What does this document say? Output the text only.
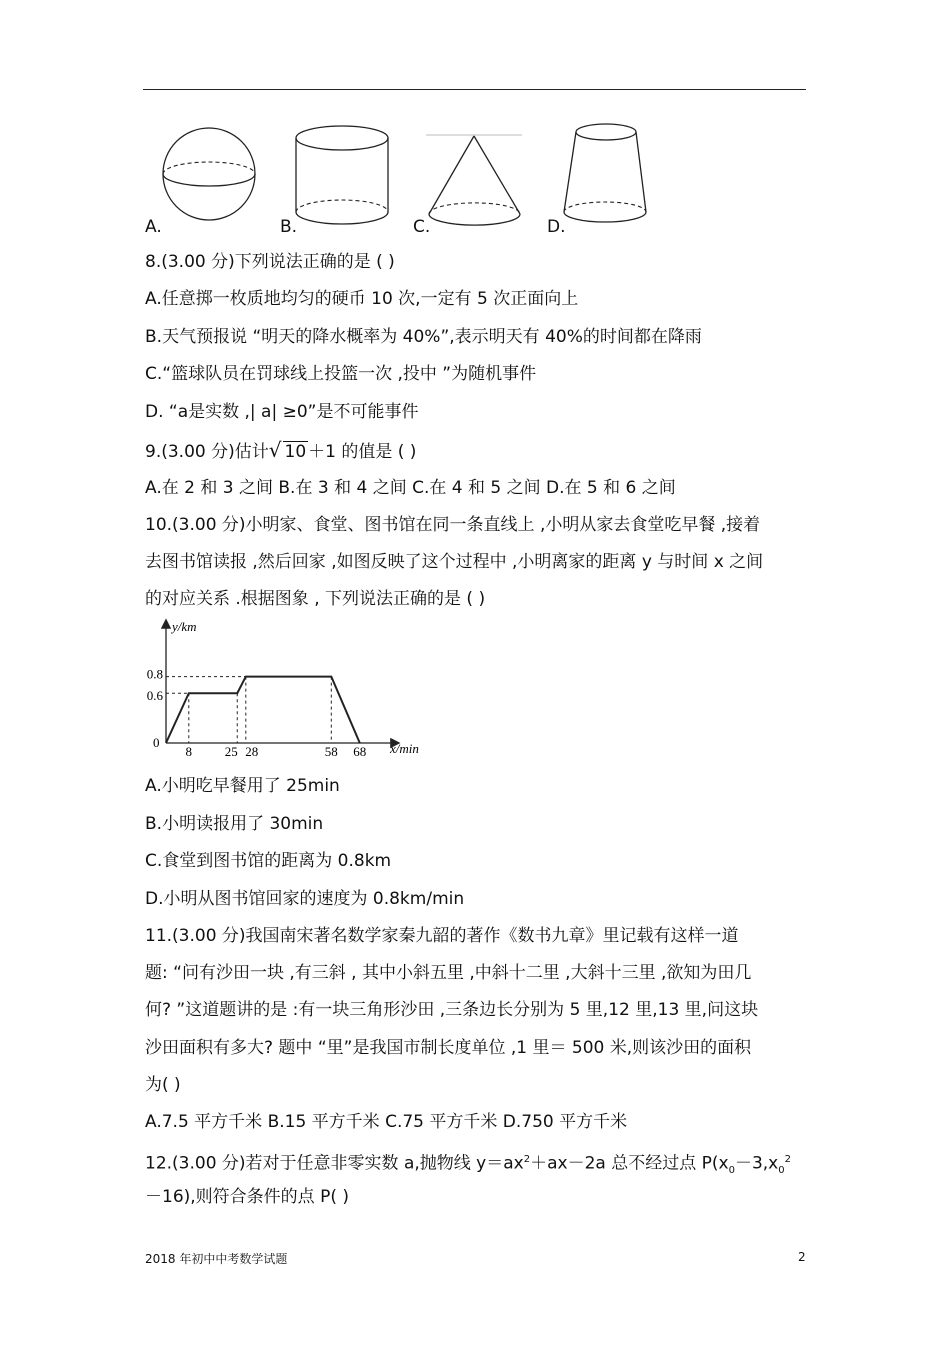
A.	B.	C.	D.
8.(3.00 分)下列说法正确的是 ( )
A.任意掷一枚质地均匀的硬币 10 次,一定有 5 次正面向上
B.天气预报说 “明天的降水概率为 40%”,表示明天有 40%的时间都在降雨
C.“篮球队员在罚球线上投篮一次 ,投中 ”为随机事件
D. “a是实数 ,| a| ≥0”是不可能事件
9.(3.00 分)估计√ 10 ＋1 的值是 ( )
A.在 2 和 3 之间 B.在 3 和 4 之间 C.在 4 和 5 之间 D.在 5 和 6 之间
10.(3.00 分)小明家、食堂、图书馆在同一条直线上 ,小明从家去食堂吃早餐 ,接着
去图书馆读报 ,然后回家 ,如图反映了这个过程中 ,小明离家的距离 y 与时间 x 之间
的对应关系 .根据图象 , 下列说法正确的是 ( )
y/km
x/min
0
8	25 28	58 68
0.8
0.6
A.小明吃早餐用了 25min
B.小明读报用了 30min
C.食堂到图书馆的距离为 0.8km
D.小明从图书馆回家的速度为 0.8km/min
11.(3.00 分)我国南宋著名数学家秦九韶的著作《数书九章》里记载有这样一道
题: “问有沙田一块 ,有三斜 , 其中小斜五里 ,中斜十二里 ,大斜十三里 ,欲知为田几
何? ”这道题讲的是 :有一块三角形沙田 ,三条边长分别为 5 里,12 里,13 里,问这块
沙田面积有多大? 题中 “里”是我国市制长度单位 ,1 里＝ 500 米,则该沙田的面积
为( )
A.7.5 平方千米 B.15 平方千米 C.75 平方千米 D.750 平方千米
12.(3.00 分)若对于任意非零实数 a,抛物线 $y=ax^2+ax-2a$ 总不经过点 $P(x_0-3,x_0^2$
－16),则符合条件的点 P( )
2018 年初中中考数学试题	2
